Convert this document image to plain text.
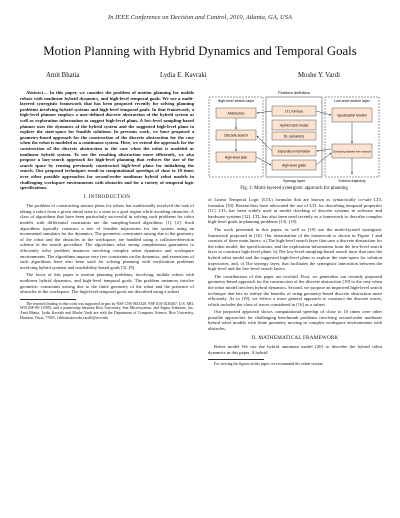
In IEEE Conference on Decision and Control, 2010, Atlanta, GA, USA
Motion Planning with Hybrid Dynamics and Temporal Goals
Amit Bhatia	Lydia E. Kavraki	Moshe Y. Vardi

Abstract— In this paper, we consider the problem of motion planning for mobile robots with nonlinear hybrid dynamics, and high-level temporal goals. We use a multi-layered synergistic framework that has been proposed recently for solving planning problems involving hybrid systems and high-level temporal goals. In that framework, a high-level planner employs a user-defined discrete abstraction of the hybrid system as well as exploration information to suggest high-level plans. A low-level sampling-based planner uses the dynamics of the hybrid system and the suggested high-level plans to explore the state-space for feasible solutions. In previous work, we have proposed a geometry-based approach for the construction of the discrete abstraction for the case when the robot is modeled as a continuous system. Here, we extend the approach for the construction of the discrete abstraction to the case when the robot is modeled as nonlinear hybrid system. To use the resulting abstraction more efficiently, we also propose a lazy-search approach for high-level planning that reduces the size of the search space by reusing previously constructed high-level plans for initializing the search. Our proposed techniques result in computational speedups of close to 10 times over other possible approaches for second-order nonlinear hybrid robot models in challenging workspace environments with obstacles and for a variety of temporal logic specifications.

I. INTRODUCTION

The problem of constructing motion plans for robots has traditionally involved the task of taking a robot from a given initial state to a state in a goal region while avoiding obstacles. A class of algorithms that have been particularly successful in solving such problems for robot models with differential constraints are the sampling-based algorithms [1], [2]. Such algorithms typically construct a tree of feasible trajectories for the system using an incremental simulator for the dynamics. The geometric constraints arising due to the geometry of the robot and the obstacles in the workspace, are handled using a collision-detection scheme in the search procedure. The algorithms relax strong completeness guarantees to efficiently solve problem instances involving complex robot dynamics and workspace environments. The algorithms impose very few constraints on the dynamics, and extensions of such algorithms have also been used for solving planning with verification problems involving hybrid systems and reachability-based goals [3]–[9].

The focus of this paper is motion planning problems, involving, mobile robots with nonlinear hybrid dynamics, and high-level temporal goals. The problem instances involve geometric constraints arising due to the finite geometry of the robot and the presence of obstacles in the workspace. The high-level temporal goals are described using a subset

The research leading to this work was supported in part by NSF CNS 0615328, NSF EIA-0216467, U.S. ARL W911NF-09-1-0383, and a partnership between Rice University, Sun Microsystems, and Sigma Solutions, Inc. Amit Bhatia, Lydia Kavraki and Moshe Vardi are with the Department of Computer Science, Rice University, Houston, Texas, 77005, {abhatia,kavraki,vardi}@rice.edu

Problem definition
High-level search layer	Low-level search layer
Abstraction
Discrete search
High-level plan
LTL formula
Hybrid robot model
DL semantics
Exploration information
High-level guide
Specification Monitor
Sampling-based tree search
Synergy layer	Solution trajectory
Fig. 1: Multi-layered synergistic approach for planning

of Linear Temporal Logic (LTL) formulas that are known as syntactically co-safe LTL formulas [10]. Researchers have advocated the use of LTL for describing temporal properties [11]. LTL has been widely used in model checking of discrete systems in software and hardware systems [12]. LTL has also been used recently as a framework to describe complex high-level goals in planning problems [13]–[19].

The work presented in this paper, as well as [19] use the multi-layered synergistic framework proposed in [16]. Our instantiation of the framework is shown in Figure 1 and consists of three main layers: a) The high-level search layer that uses a discrete abstraction for the robot model, the specifications, and the exploration information from the low-level search layer to construct high-level plans. b) The low-level sampling-based search layer that uses the hybrid robot model and the suggested high-level plans to explore the state-space for solution trajectories, and, c) The synergy layer, that facilitates the synergistic interaction between the high-level and the low-level search layers.

The contributions of this paper are twofold. First, we generalize our recently proposed geometry-based approach for the construction of the discrete abstraction [19] to the case when the robot model involves hybrid dynamics. Second, we propose an improved high-level search technique that lets us realize the benefits of using geometry-based discrete abstraction more efficiently. As in [19], we follow a more general approach to construct the discrete traces, which includes the class of traces considered in [16] as a subset.

Our proposed approach shows computational speedup of close to 10 times over other possible approaches for challenging benchmark problems involving second-order nonlinear hybrid robot models with finite geometry moving in complex workspace environments with obstacles.

II. MATHEMATICAL FRAMEWORK

Robot model We use the hybrid automata model [20] to describe the hybrid robot dynamics in this paper. A hybrid

For viewing the figures in this paper, we recommend the online version.
